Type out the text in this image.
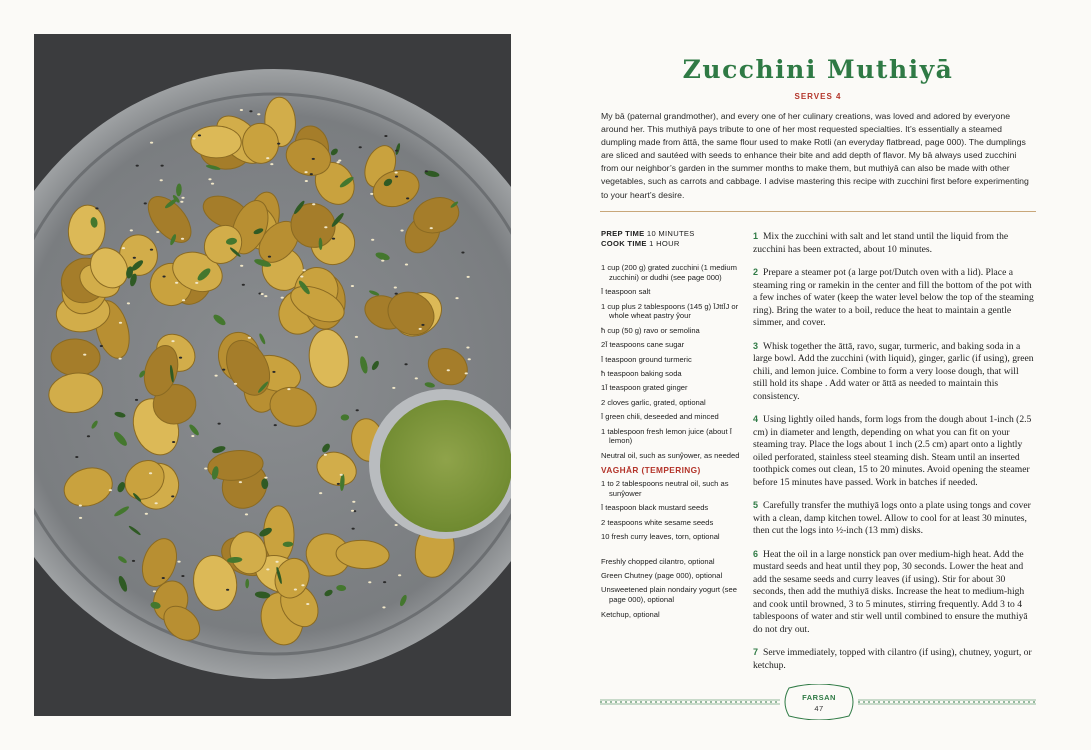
Zucchini Muthiyā
SERVES 4
My bā (paternal grandmother), and every one of her culinary creations, was loved and adored by everyone around her. This muthiyā pays tribute to one of her most requested specialties. It’s essentially a steamed dumpling made from āttā, the same flour used to make Rotli (an everyday flatbread, page 000). The dumplings are sliced and sautéed with seeds to enhance their bite and add depth of flavor. My bā always used zucchini from our neighbor’s garden in the summer months to make them, but muthiyā can also be made with other vegetables, such as carrots and cabbage. I advise mastering this recipe with zucchini first before experimenting to your heart’s desire.
PREP TIME 10 MINUTES
COOK TIME 1 HOUR
1 cup (200 g) grated zucchini (1 medium zucchini) or dudhi (see page 000)
Ī teaspoon salt
1 cup plus 2 tablespoons (145 g) ĪJttĪJ or whole wheat pastry ŷour
ħ cup (50 g) ravo or semolina
2Ī teaspoons cane sugar
Ī teaspoon ground turmeric
ħ teaspoon baking soda
1Ī teaspoon grated ginger
2 cloves garlic, grated, optional
Ī green chili, deseeded and minced
1 tablespoon fresh lemon juice (about Ī lemon)
Neutral oil, such as sunŷower, as needed
VAGHĀR (TEMPERING)
1 to 2 tablespoons neutral oil, such as sunŷower
Ī teaspoon black mustard seeds
2 teaspoons white sesame seeds
10 fresh curry leaves, torn, optional
Freshly chopped cilantro, optional
Green Chutney (page 000), optional
Unsweetened plain nondairy yogurt (see page 000), optional
Ketchup, optional
1 Mix the zucchini with salt and let stand until the liquid from the zucchini has been extracted, about 10 minutes.
2 Prepare a steamer pot (a large pot/Dutch oven with a lid). Place a steaming ring or ramekin in the center and fill the bottom of the pot with a few inches of water (keep the water level below the top of the steaming ring). Bring the water to a boil, reduce the heat to maintain a gentle simmer, and cover.
3 Whisk together the āttā, ravo, sugar, turmeric, and baking soda in a large bowl. Add the zucchini (with liquid), ginger, garlic (if using), green chili, and lemon juice. Combine to form a very loose dough, that will still hold its shape . Add water or āttā as needed to maintain this consistency.
4 Using lightly oiled hands, form logs from the dough about 1-inch (2.5 cm) in diameter and length, depending on what you can fit on your steaming tray. Place the logs about 1 inch (2.5 cm) apart onto a lightly oiled perforated, stainless steel steaming dish. Steam until an inserted toothpick comes out clean, 15 to 20 minutes. Avoid opening the steamer before 15 minutes have passed. Work in batches if needed.
5 Carefully transfer the muthiyā logs onto a plate using tongs and cover with a clean, damp kitchen towel. Allow to cool for at least 30 minutes, then cut the logs into ½-inch (13 mm) disks.
6 Heat the oil in a large nonstick pan over medium-high heat. Add the mustard seeds and heat until they pop, 30 seconds. Lower the heat and add the sesame seeds and curry leaves (if using). Stir for about 30 seconds, then add the muthiyā disks. Increase the heat to medium-high and cook until browned, 3 to 5 minutes, stirring frequently. Add 3 to 4 tablespoons of water and stir well until combined to ensure the muthiyā do not dry out.
7 Serve immediately, topped with cilantro (if using), chutney, yogurt, or ketchup.
FARSAN
47
